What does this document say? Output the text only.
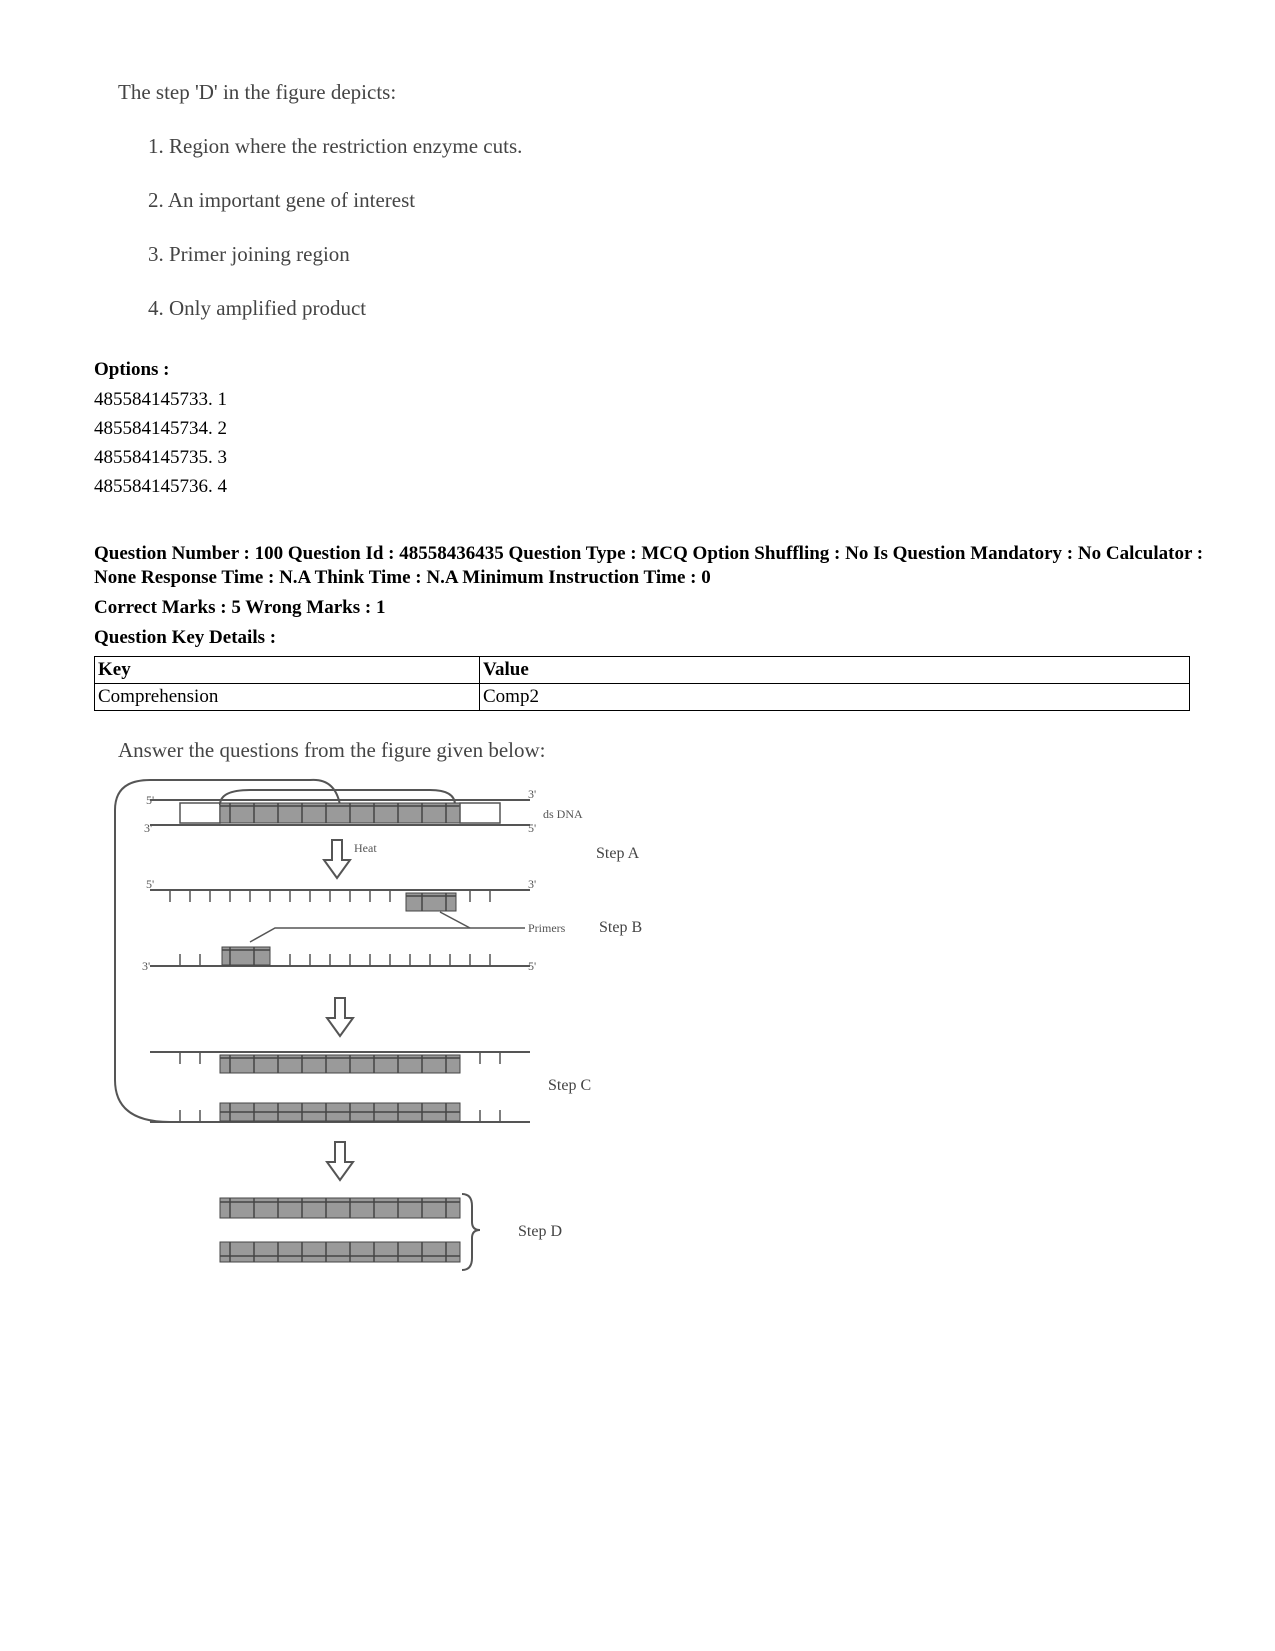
The step 'D' in the figure depicts:
1. Region where the restriction enzyme cuts.
2. An important gene of interest
3. Primer joining region
4. Only amplified product
Options :
485584145733. 1
485584145734. 2
485584145735. 3
485584145736. 4
Question Number : 100 Question Id : 48558436435 Question Type : MCQ Option Shuffling : No Is Question Mandatory : No Calculator : None Response Time : N.A Think Time : N.A Minimum Instruction Time : 0
Correct Marks : 5 Wrong Marks : 1
Question Key Details :
Key	Value
Comprehension	Comp2
Answer the questions from the figure given below:
5'
3'
3'
5'
ds DNA
Heat	Step A
5'	3'
Primers Step B
3'	5'
Step C
Step D
